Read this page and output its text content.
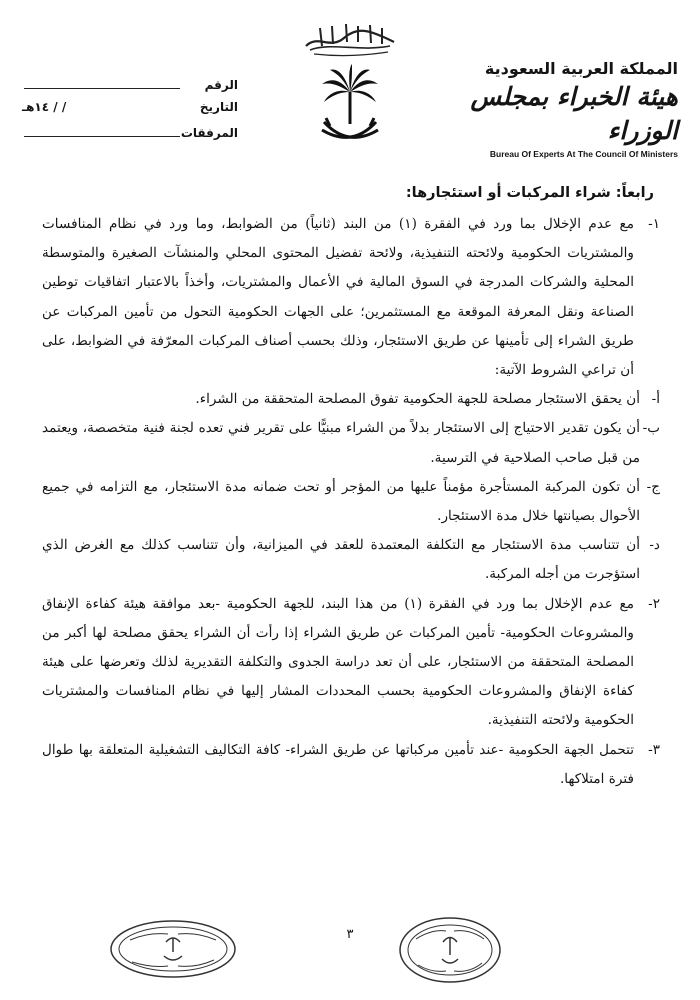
المملكة العربية السعودية
هيئة الخبراء بمجلس الوزراء
Bureau Of Experts At The Council Of Ministers
الرقم
التاريخ
/ / ١٤هـ
المرفقات
رابعاً: شراء المركبات أو استئجارها:
١-

مع عدم الإخلال بما ورد في الفقرة (١) من البند (ثانياً) من الضوابط، وما ورد في نظام المنافسات والمشتريات الحكومية ولائحته التنفيذية، ولائحة تفضيل المحتوى المحلي والمنشآت الصغيرة والمتوسطة المحلية والشركات المدرجة في السوق المالية في الأعمال والمشتريات، وأخذاً بالاعتبار اتفاقيات توطين الصناعة ونقل المعرفة الموقعة مع المستثمرين؛ على الجهات الحكومية التحول من تأمين المركبات عن طريق الشراء إلى تأمينها عن طريق الاستئجار، وذلك بحسب أصناف المركبات المعرّفة في الضوابط، على أن تراعي الشروط الآتية:

أ-

أن يحقق الاستئجار مصلحة للجهة الحكومية تفوق المصلحة المتحققة من الشراء.

ب-

أن يكون تقدير الاحتياج إلى الاستئجار بدلاً من الشراء مبنيًّا على تقرير فني تعده لجنة فنية متخصصة، ويعتمد من قبل صاحب الصلاحية في الترسية.

ج-

أن تكون المركبة المستأجرة مؤمناً عليها من المؤجر أو تحت ضمانه مدة الاستئجار، مع التزامه في جميع الأحوال بصيانتها خلال مدة الاستئجار.

د-

أن تتناسب مدة الاستئجار مع التكلفة المعتمدة للعقد في الميزانية، وأن تتناسب كذلك مع الغرض الذي استؤجرت من أجله المركبة.

٢-

مع عدم الإخلال بما ورد في الفقرة (١) من هذا البند، للجهة الحكومية -بعد موافقة هيئة كفاءة الإنفاق والمشروعات الحكومية- تأمين المركبات عن طريق الشراء إذا رأت أن الشراء يحقق مصلحة لها أكبر من المصلحة المتحققة من الاستئجار، على أن تعد دراسة الجدوى والتكلفة التقديرية لذلك وتعرضها على هيئة كفاءة الإنفاق والمشروعات الحكومية بحسب المحددات المشار إليها في نظام المنافسات والمشتريات الحكومية ولائحته التنفيذية.

٣-

تتحمل الجهة الحكومية -عند تأمين مركباتها عن طريق الشراء- كافة التكاليف التشغيلية المتعلقة بها طوال فترة امتلاكها.

٣
